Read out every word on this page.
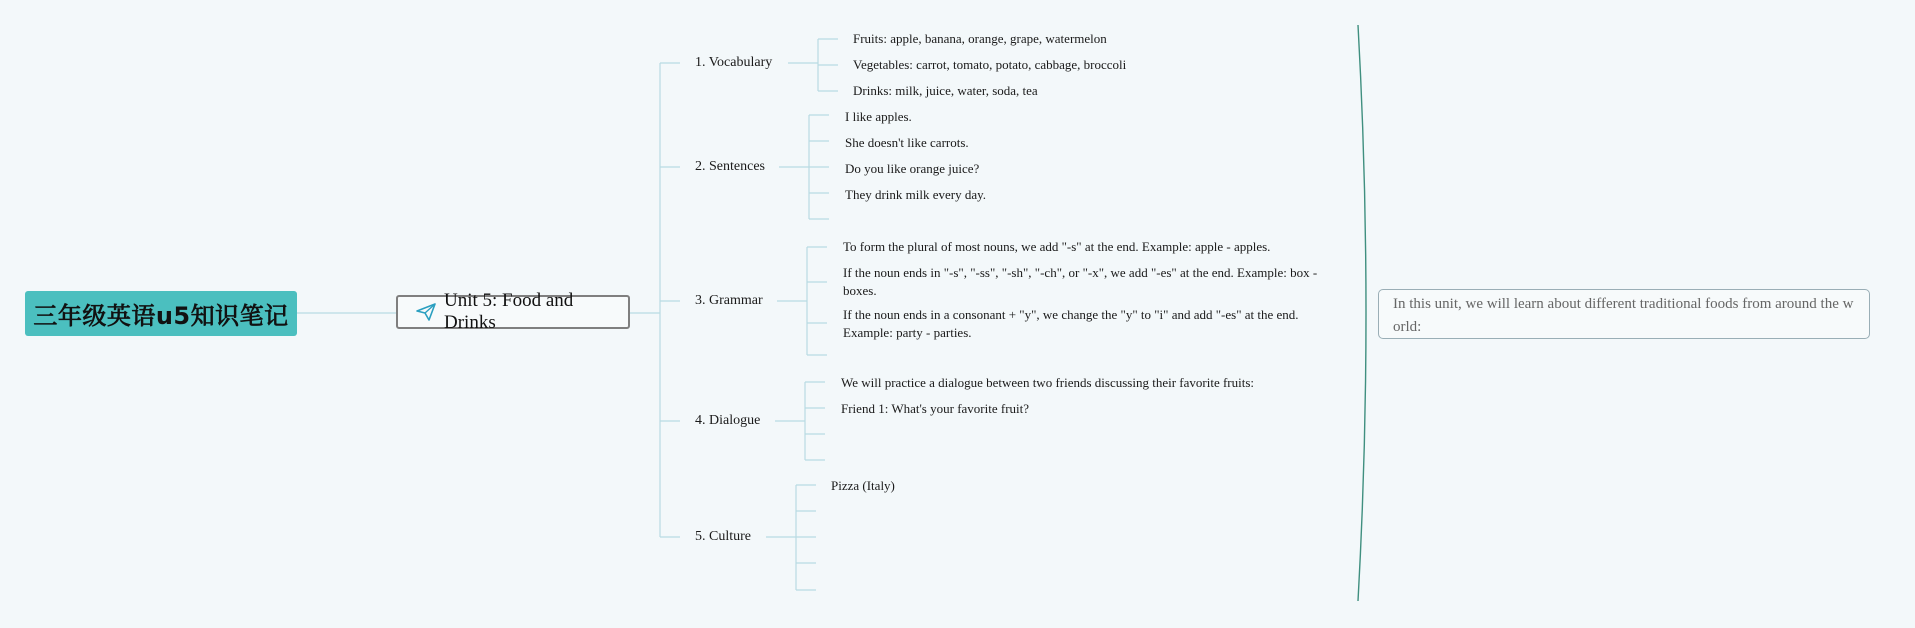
三年级英语u5知识笔记
Unit 5: Food and Drinks
1. Vocabulary
2. Sentences
3. Grammar
4. Dialogue
5. Culture
Fruits: apple, banana, orange, grape, watermelon
Vegetables: carrot, tomato, potato, cabbage, broccoli
Drinks: milk, juice, water, soda, tea
I like apples.
She doesn't like carrots.
Do you like orange juice?
They drink milk every day.
To form the plural of most nouns, we add "-s" at the end. Example: apple - apples.
If the noun ends in "-s", "-ss", "-sh", "-ch", or "-x", we add "-es" at the end. Example: box - boxes.
If the noun ends in a consonant + "y", we change the "y" to "i" and add "-es" at the end. Example: party - parties.
We will practice a dialogue between two friends discussing their favorite fruits:
Friend 1: What's your favorite fruit?
Pizza (Italy)
In this unit, we will learn about different traditional foods from around the world:
